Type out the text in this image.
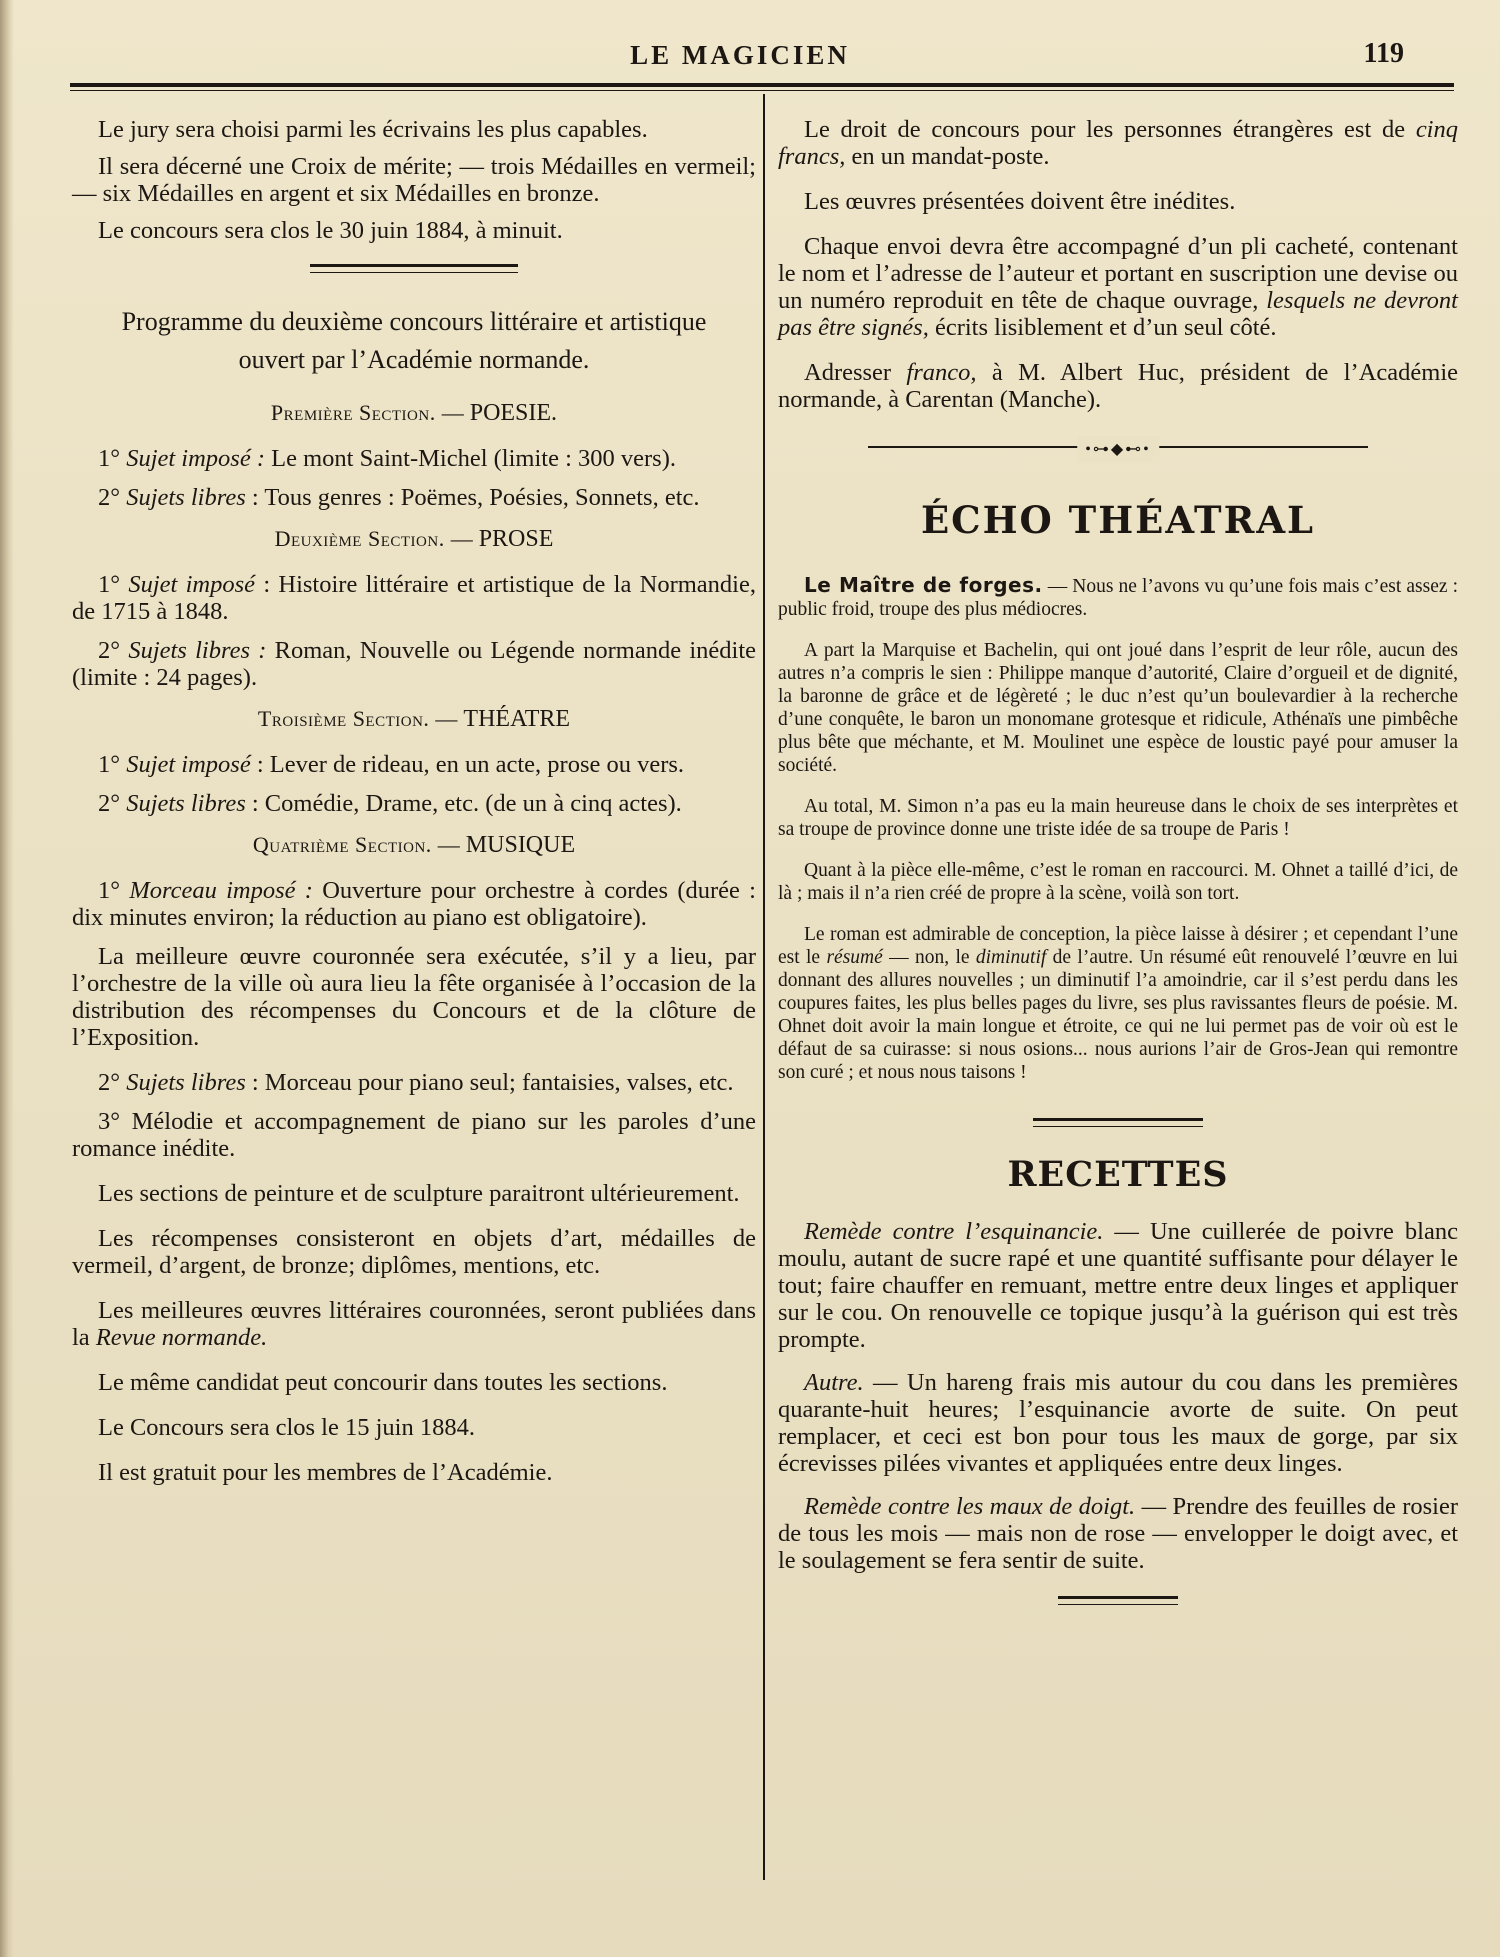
LE MAGICIEN	119

Le jury sera choisi parmi les écrivains les plus capables.

Il sera décerné une Croix de mérite; — trois Médailles en vermeil; — six Médailles en argent et six Médailles en bronze.

Le concours sera clos le 30 juin 1884, à minuit.

Programme du deuxième concours littéraire et artistique
ouvert par l’Académie normande.
Première Section. — POESIE.

1° Sujet imposé : Le mont Saint-Michel (limite : 300 vers).

2° Sujets libres : Tous genres : Poëmes, Poésies, Sonnets, etc.

Deuxième Section. — PROSE

1° Sujet imposé : Histoire littéraire et artistique de la Normandie, de 1715 à 1848.

2° Sujets libres : Roman, Nouvelle ou Légende normande inédite (limite : 24 pages).

Troisième Section. — THÉATRE

1° Sujet imposé : Lever de rideau, en un acte, prose ou vers.

2° Sujets libres : Comédie, Drame, etc. (de un à cinq actes).

Quatrième Section. — MUSIQUE

1° Morceau imposé : Ouverture pour orchestre à cordes (durée : dix minutes environ; la réduction au piano est obligatoire).

La meilleure œuvre couronnée sera exécutée, s’il y a lieu, par l’orchestre de la ville où aura lieu la fête organisée à l’occasion de la distribution des récompenses du Concours et de la clôture de l’Exposition.

2° Sujets libres : Morceau pour piano seul; fantaisies, valses, etc.

3° Mélodie et accompagnement de piano sur les paroles d’une romance inédite.

Les sections de peinture et de sculpture paraitront ultérieurement.

Les récompenses consisteront en objets d’art, médailles de vermeil, d’argent, de bronze; diplômes, mentions, etc.

Les meilleures œuvres littéraires couronnées, seront publiées dans la Revue normande.

Le même candidat peut concourir dans toutes les sections.

Le Concours sera clos le 15 juin 1884.

Il est gratuit pour les membres de l’Académie.

Le droit de concours pour les personnes étrangères est de cinq francs, en un mandat-poste.

Les œuvres présentées doivent être inédites.

Chaque envoi devra être accompagné d’un pli cacheté, contenant le nom et l’adresse de l’auteur et portant en suscription une devise ou un numéro reproduit en tête de chaque ouvrage, lesquels ne devront pas être signés, écrits lisiblement et d’un seul côté.

Adresser franco, à M. Albert Huc, président de l’Académie normande, à Carentan (Manche).

•⊶◆⊷•
ÉCHO THÉATRAL

Le Maître de forges. — Nous ne l’avons vu qu’une fois mais c’est assez : public froid, troupe des plus médiocres.

A part la Marquise et Bachelin, qui ont joué dans l’esprit de leur rôle, aucun des autres n’a compris le sien : Philippe manque d’autorité, Claire d’orgueil et de dignité, la baronne de grâce et de légèreté ; le duc n’est qu’un boulevardier à la recherche d’une conquête, le baron un monomane grotesque et ridicule, Athénaïs une pimbêche plus bête que méchante, et M. Moulinet une espèce de loustic payé pour amuser la société.

Au total, M. Simon n’a pas eu la main heureuse dans le choix de ses interprètes et sa troupe de province donne une triste idée de sa troupe de Paris !

Quant à la pièce elle-même, c’est le roman en raccourci. M. Ohnet a taillé d’ici, de là ; mais il n’a rien créé de propre à la scène, voilà son tort.

Le roman est admirable de conception, la pièce laisse à désirer ; et cependant l’une est le résumé — non, le diminutif de l’autre. Un résumé eût renouvelé l’œuvre en lui donnant des allures nouvelles ; un diminutif l’a amoindrie, car il s’est perdu dans les coupures faites, les plus belles pages du livre, ses plus ravissantes fleurs de poésie. M. Ohnet doit avoir la main longue et étroite, ce qui ne lui permet pas de voir où est le défaut de sa cuirasse: si nous osions... nous aurions l’air de Gros-Jean qui remontre son curé ; et nous nous taisons !

RECETTES

Remède contre l’esquinancie. — Une cuillerée de poivre blanc moulu, autant de sucre rapé et une quantité suffisante pour délayer le tout; faire chauffer en remuant, mettre entre deux linges et appliquer sur le cou. On renouvelle ce topique jusqu’à la guérison qui est très prompte.

Autre. — Un hareng frais mis autour du cou dans les premières quarante-huit heures; l’esquinancie avorte de suite. On peut remplacer, et ceci est bon pour tous les maux de gorge, par six écrevisses pilées vivantes et appliquées entre deux linges.

Remède contre les maux de doigt. — Prendre des feuilles de rosier de tous les mois — mais non de rose — envelopper le doigt avec, et le soulagement se fera sentir de suite.
